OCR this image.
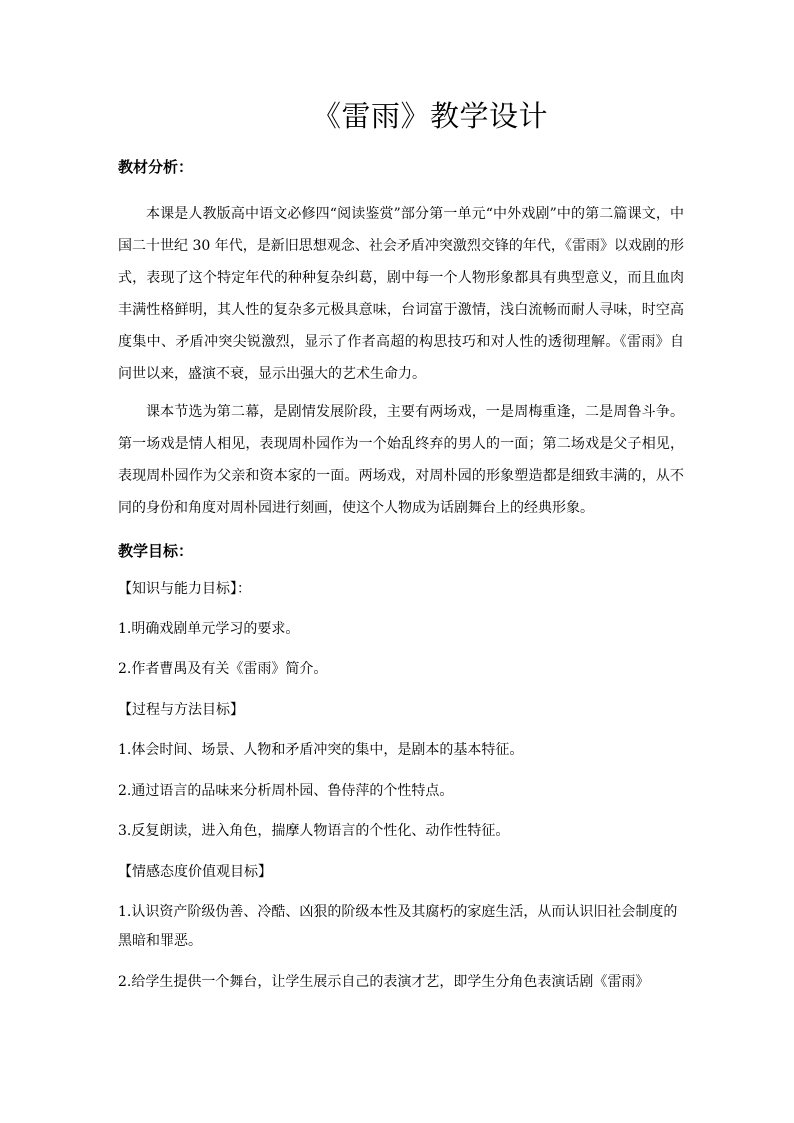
《雷雨》教学设计
教材分析：

本课是人教版高中语文必修四“阅读鉴赏”部分第一单元“中外戏剧”中的第二篇课文，中国二十世纪 30 年代，是新旧思想观念、社会矛盾冲突激烈交锋的年代，《雷雨》以戏剧的形式，表现了这个特定年代的种种复杂纠葛，剧中每一个人物形象都具有典型意义，而且血肉丰满性格鲜明，其人性的复杂多元极具意味，台词富于激情，浅白流畅而耐人寻味，时空高度集中、矛盾冲突尖锐激烈，显示了作者高超的构思技巧和对人性的透彻理解。《雷雨》自问世以来，盛演不衰，显示出强大的艺术生命力。

课本节选为第二幕，是剧情发展阶段，主要有两场戏，一是周梅重逢，二是周鲁斗争。第一场戏是情人相见，表现周朴园作为一个始乱终弃的男人的一面；第二场戏是父子相见，表现周朴园作为父亲和资本家的一面。两场戏，对周朴园的形象塑造都是细致丰满的，从不同的身份和角度对周朴园进行刻画，使这个人物成为话剧舞台上的经典形象。

教学目标：
【知识与能力目标】：
1.明确戏剧单元学习的要求。
2.作者曹禺及有关《雷雨》简介。
【过程与方法目标】
1.体会时间、场景、人物和矛盾冲突的集中，是剧本的基本特征。
2.通过语言的品味来分析周朴园、鲁侍萍的个性特点。
3.反复朗读，进入角色，揣摩人物语言的个性化、动作性特征。
【情感态度价值观目标】
1.认识资产阶级伪善、冷酷、凶狠的阶级本性及其腐朽的家庭生活，从而认识旧社会制度的黑暗和罪恶。
2.给学生提供一个舞台，让学生展示自己的表演才艺，即学生分角色表演话剧《雷雨》
